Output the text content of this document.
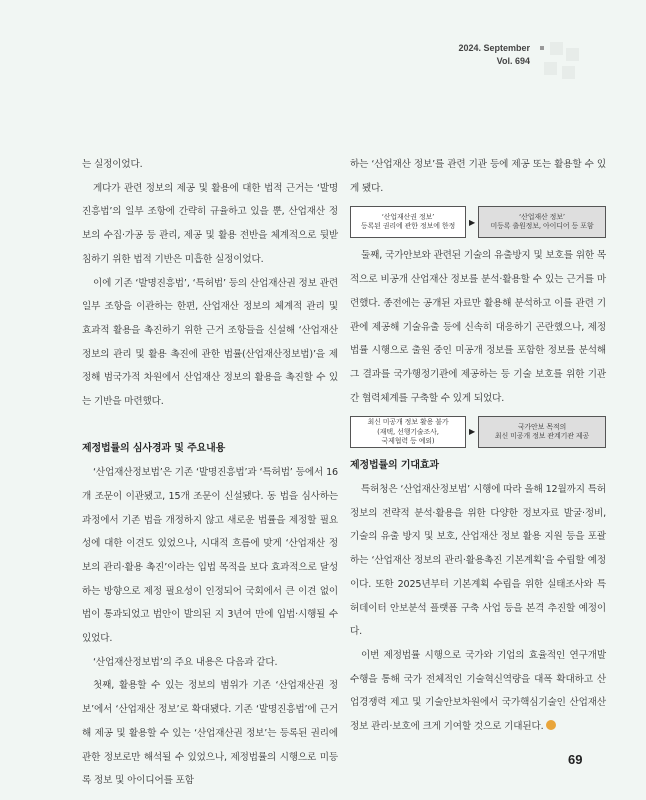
2024. September
Vol. 694

는 실정이었다.

게다가 관련 정보의 제공 및 활용에 대한 법적 근거는 ‘발명진흥법’의 일부 조항에 간략히 규율하고 있을 뿐, 산업재산 정보의 수집·가공 등 관리, 제공 및 활용 전반을 체계적으로 뒷받침하기 위한 법적 기반은 미흡한 실정이었다.

이에 기존 ‘발명진흥법’, ‘특허법’ 등의 산업재산권 정보 관련 일부 조항을 이관하는 한편, 산업재산 정보의 체계적 관리 및 효과적 활용을 촉진하기 위한 근거 조항들을 신설해 ‘산업재산 정보의 관리 및 활용 촉진에 관한 법률(산업재산정보법)’을 제정해 범국가적 차원에서 산업재산 정보의 활용을 촉진할 수 있는 기반을 마련했다.

제정법률의 심사경과 및 주요내용

‘산업재산정보법’은 기존 ‘발명진흥법’과 ‘특허법’ 등에서 16개 조문이 이관됐고, 15개 조문이 신설됐다. 동 법을 심사하는 과정에서 기존 법을 개정하지 않고 새로운 법률을 제정할 필요성에 대한 이견도 있었으나, 시대적 흐름에 맞게 ‘산업재산 정보의 관리·활용 촉진’이라는 입법 목적을 보다 효과적으로 달성하는 방향으로 제정 필요성이 인정되어 국회에서 큰 이견 없이 법이 통과되었고 법안이 발의된 지 3년여 만에 입법·시행될 수 있었다.

‘산업재산정보법’의 주요 내용은 다음과 같다.

첫째, 활용할 수 있는 정보의 범위가 기존 ‘산업재산권 정보’에서 ‘산업재산 정보’로 확대됐다. 기존 ‘발명진흥법’에 근거해 제공 및 활용할 수 있는 ‘산업재산권 정보’는 등록된 권리에 관한 정보로만 해석될 수 있었으나, 제정법률의 시행으로 미등록 정보 및 아이디어를 포함

하는 ‘산업재산 정보’를 관련 기관 등에 제공 또는 활용할 수 있게 됐다.

‘산업재산권 정보’
등록된 권리에 관한 정보에 한정	▶
‘산업재산 정보’
미등록 출원정보, 아이디어 등 포함

둘째, 국가안보와 관련된 기술의 유출방지 및 보호를 위한 목적으로 비공개 산업재산 정보를 분석·활용할 수 있는 근거를 마련했다. 종전에는 공개된 자료만 활용해 분석하고 이를 관련 기관에 제공해 기술유출 등에 신속히 대응하기 곤란했으나, 제정법률 시행으로 출원 중인 미공개 정보를 포함한 정보를 분석해 그 결과를 국가행정기관에 제공하는 등 기술 보호를 위한 기관 간 협력체계를 구축할 수 있게 되었다.

최신 미공개 정보 활용 불가
(재택, 선행기술조사,
국제협력 등 예외)
▶
국가안보 목적의
최신 미공개 정보 관계기관 제공

제정법률의 기대효과

특허청은 ‘산업재산정보법’ 시행에 따라 올해 12월까지 특허정보의 전략적 분석·활용을 위한 다양한 정보자료 발굴·정비, 기술의 유출 방지 및 보호, 산업재산 정보 활용 지원 등을 포괄하는 ‘산업재산 정보의 관리·활용촉진 기본계획’을 수립할 예정이다. 또한 2025년부터 기본계획 수립을 위한 실태조사와 특허데이터 안보분석 플랫폼 구축 사업 등을 본격 추진할 예정이다.

이번 제정법률 시행으로 국가와 기업의 효율적인 연구개발 수행을 통해 국가 전체적인 기술혁신역량을 대폭 확대하고 산업경쟁력 제고 및 기술안보차원에서 국가핵심기술인 산업재산 정보 관리·보호에 크게 기여할 것으로 기대된다.

69
